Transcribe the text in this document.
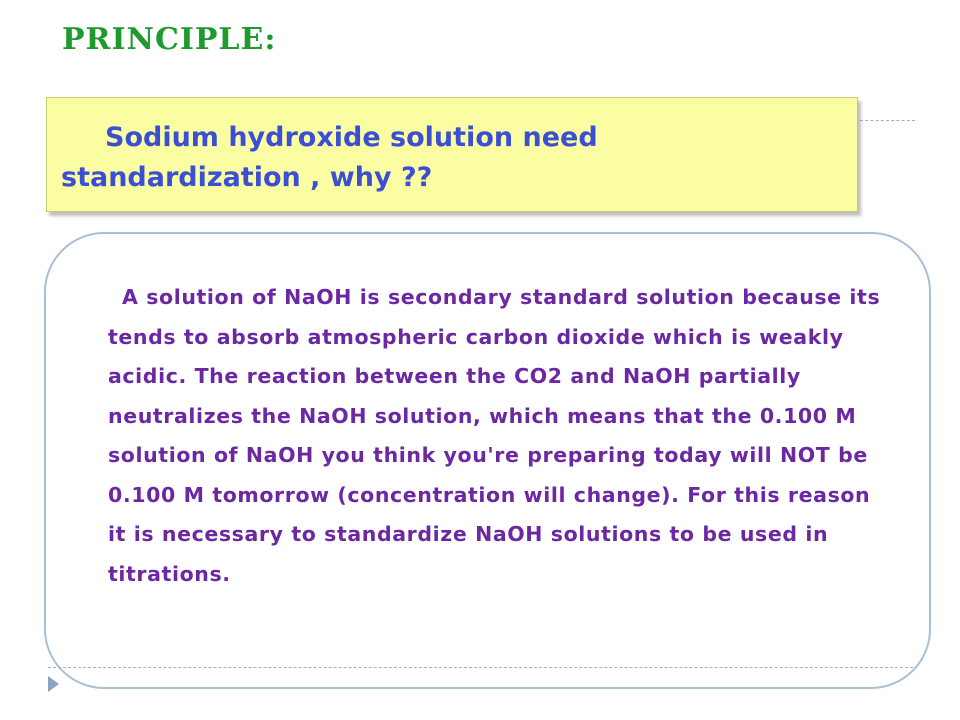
PRINCIPLE:
Sodium hydroxide solution need standardization , why ??
A solution of NaOH is secondary standard solution because its tends to absorb atmospheric carbon dioxide which is weakly acidic. The reaction between the CO2 and NaOH partially neutralizes the NaOH solution, which means that the 0.100 M solution of NaOH you think you're preparing today will NOT be 0.100 M tomorrow (concentration will change). For this reason it is necessary to standardize NaOH solutions to be used in titrations.
